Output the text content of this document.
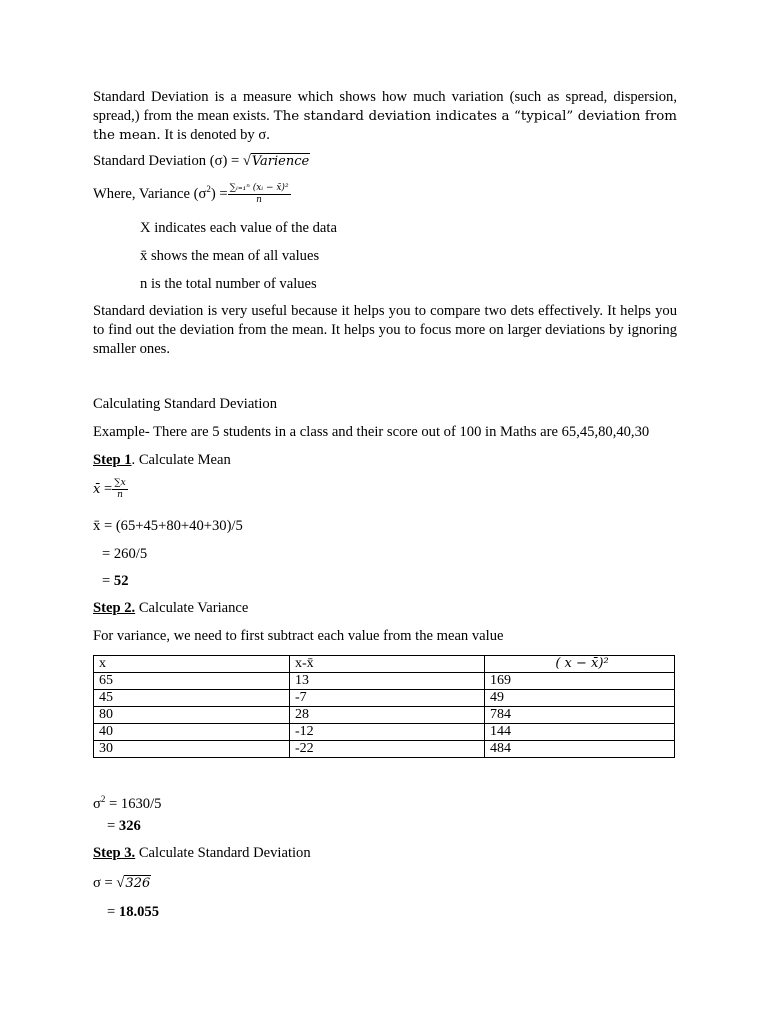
Standard Deviation is a measure which shows how much variation (such as spread, dispersion, spread,) from the mean exists. The standard deviation indicates a “typical” deviation from the mean. It is denoted by σ.
Standard Deviation (σ) = √Varience
Where, Variance $(\sigma^2) = \frac{\text{∑ᵢ₌₁ⁿ (xᵢ − x̄)²}}{n}$
X indicates each value of the data
x̄ shows the mean of all values
n is the total number of values
Standard deviation is very useful because it helps you to compare two dets effectively. It helps you to find out the deviation from the mean. It helps you to focus more on larger deviations by ignoring smaller ones.
Calculating Standard Deviation
Example- There are 5 students in a class and their score out of 100 in Maths are 65,45,80,40,30
Step 1. Calculate Mean
x̄ = $\frac{\sum x}{n}$
x̄ = (65+45+80+40+30)/5
= 260/5
= 52
Step 2. Calculate Variance
For variance, we need to first subtract each value from the mean value
x	x-x̄	( x − x̄)²
65	13	169
45	-7	49
80	28	784
40	-12	144
30	-22	484
$\sigma^2 = 1630/5$
= 326
Step 3. Calculate Standard Deviation
σ = √326
= 18.055
